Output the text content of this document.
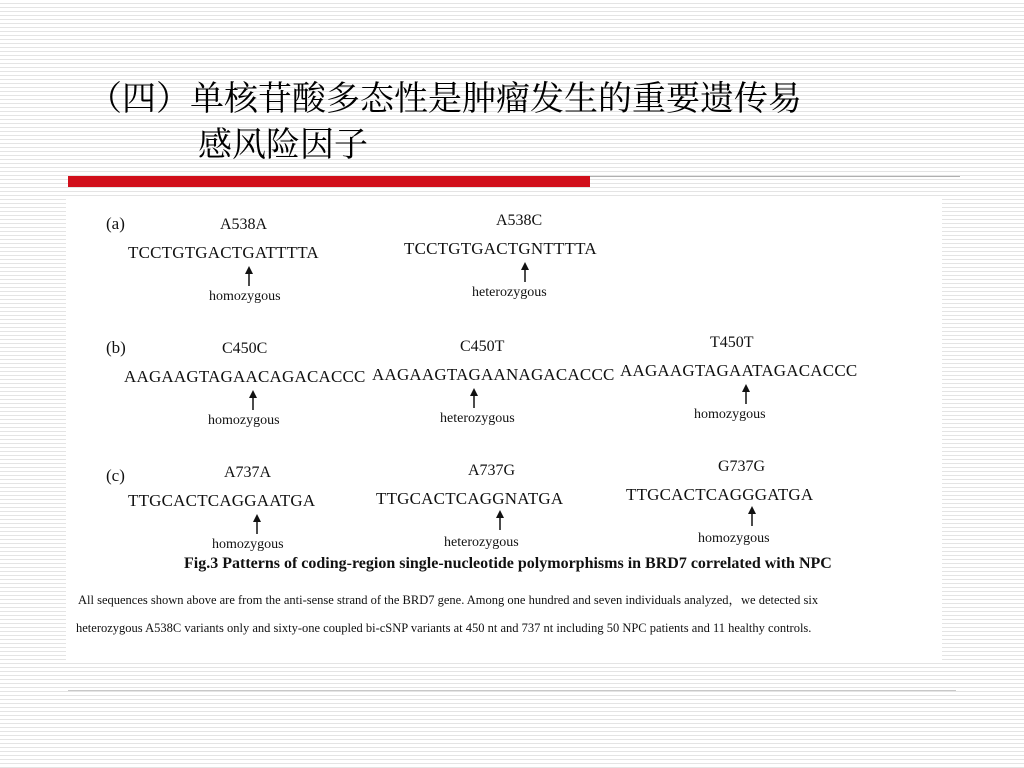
（四）单核苷酸多态性是肿瘤发生的重要遗传易
感风险因子
(a)	A538A
TCCTGTGACTGATTTTA
homozygous
A538C
TCCTGTGACTGNTTTTA
heterozygous
(b)	C450C
AAGAAGTAGAACAGACACCC
homozygous
C450T
AAGAAGTAGAANAGACACCC
heterozygous
T450T
AAGAAGTAGAATAGACACCC
homozygous
(c)	A737A
TTGCACTCAGGAATGA
homozygous
A737G
TTGCACTCAGGNATGA
heterozygous
G737G
TTGCACTCAGGGATGA
homozygous
Fig.3 Patterns of coding-region single-nucleotide polymorphisms in BRD7 correlated with NPC
All sequences shown above are from the anti-sense strand of the BRD7 gene. Among one hundred and seven individuals analyzed，we detected six
heterozygous A538C variants only and sixty-one coupled bi-cSNP variants at 450 nt and 737 nt including 50 NPC patients and 11 healthy controls.
